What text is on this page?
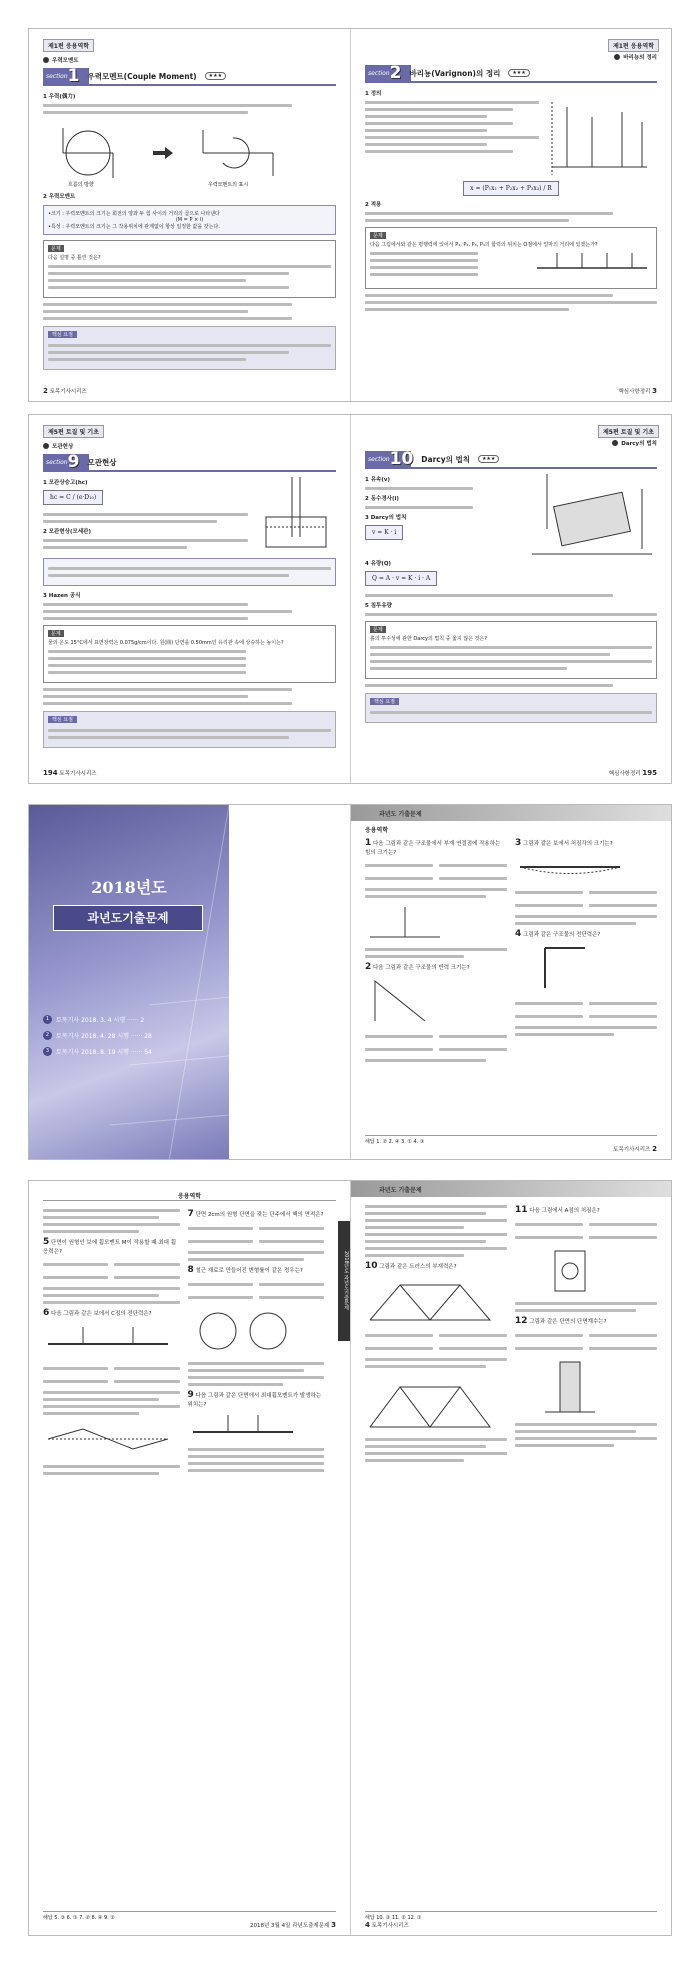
제1편 응용역학
우력모멘트
section 1 우력모멘트(Couple Moment)	★★★
1 우력(偶力)
흐름의 방향	우력모멘트의 표시
2 우력모멘트
•크기 : 우력모멘트의 크기는 회전의 양과 두 힘 사이의 거리의 곱으로 나타낸다
(M = P × l)
•특성 : 우력모멘트의 크기는 그 작용위치에 관계없이 항상 일정한 값을 갖는다.
문제
다음 설명 중 틀린 것은?
핵심 요점
2 토목기사시리즈
제1편 응용역학
바리뇽의 정리
section 2 바리뇽(Varignon)의 정리	★★★
1 정의
x = (P₁x₁ + P₂x₂ + P₃x₃) / R
2 적용
문제
다음 그림에서와 같은 평행력에 있어서 P₁, P₂, P₃, P₄의 합력의 위치는 O점에서 얼마의 거리에 있겠는가?
핵심사항정리 3
제5편 토질 및 기초
모관현상
section 9 모관현상
1 모관상승고(hc)
hc = C / (e·D₁₀)
2 모관현상(모세관)
3 Hazen 공식
문제
물의 온도 15°C에서 표면장력은 0.075g/cm이다. 원(圓) 단면을 0.50mm인 유리관 속에 상승하는 높이는?
핵심 요점
194 토목기사시리즈
제5편 토질 및 기초
Darcy의 법칙
section 10 Darcy의 법칙	★★★
1 유속(v)
2 동수경사(i)
3 Darcy의 법칙
v = K · i
4 유량(Q)
Q = A · v = K · i · A
5 침투유량
문제
흙의 투수성에 관한 Darcy의 법칙 중 옳지 않은 것은?
핵심 요점
핵심사항정리 195
2018년도
과년도기출문제
1	토목기사 2018. 3. 4 시행 ······ 2
2	토목기사 2018. 4. 28 시행 ······ 28
3	토목기사 2018. 8. 19 시행 ······ 54
과년도 기출문제
응용역학
1 다음 그림과 같은 구조물에서 부재 연결점에 작용하는 힘의 크기는?
2 다음 그림과 같은 구조물의 반력 크기는?
3 그림과 같은 보에서 처짐각의 크기는?
4 그림과 같은 구조물의 전단력은?
해답 1. ② 2. ④ 3. ① 4. ③
토목기사시리즈 2
응용역학
2018년도 과년도기출문제
5 단면이 원형인 보에 휨모멘트 M이 작용할 때 최대 휨응력은?
6 다음 그림과 같은 보에서 C점의 전단력은?
7 단면 2cm의 원형 단면을 갖는 단주에서 핵의 면적은?
8 철근 재료로 만들어진 변형률이 같은 경우는?
9 다음 그림과 같은 단면에서 최대휨모멘트가 발생하는 위치는?
해답 5. ③ 6. ① 7. ② 8. ④ 9. ②
2018년 3월 4일 과년도출제문제 3
과년도 기출문제
10 그림과 같은 트러스의 부재력은?
11 다음 그림에서 A점의 처짐은?
12 그림과 같은 단면의 단면계수는?
해답 10. ③ 11. ② 12. ①
4 토목기사시리즈
